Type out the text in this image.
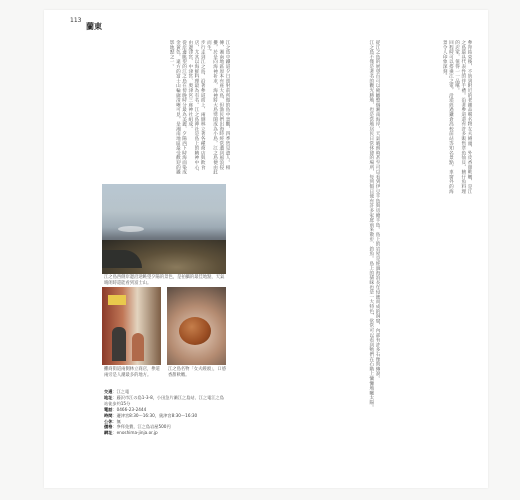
113
蘭東

江之島中鐵道夕日照射前所做的島中景觀，四季皆見遊人。相傳，湘南地區原本有座大島，但漁民們出海時經常遭到風浪侵擾，於是向海神祈求，海神將大島劈開成為小島，江之島便由此而生。

步行走到江之島，沿著參道而上，兩側林立著各種商店與飲食店，尤其以海鮮料理最為有名。江之島神社是島上的精神中心，由邊津宮、中津宮、奧津宮三座神社組成。

從岸邊眺望的江之島在傍晚時分最為美麗，夕陽西下時海面染成金黃色，遠方的富士山輪廓清晰可見，是湘南地區最受歡迎的攝影地點之一。	從江之島的展望台可以俯瞰整個湘南海岸，天氣晴朗時甚至可以看到伊豆半島與房總半島。島上的岩屋是經過海浪長年侵蝕而成的洞窟，內部有許多石像與傳說。

江之島不僅是著名的觀光勝地，也是當地居民日常休憩的場所，每到假日便有許多家庭前來散步、釣魚。島上的貓咪也是一大特色，常常可以看到牠們在石階上慵懶地曬太陽。	參拜結束後，不妨到附近的老鋪品嚐名物女夫饅頭，外皮香甜軟嫩，是江之島最具代表性的伴手禮。沿著參道還有許多販售章魚仙貝、魩仔魚料理的店家，值得一一品嚐。

回程時可以搭乘江之電，沿途經過鎌倉高校前站等知名景點，車窗外的海景令人印象深刻。

江之島西側岸邊沿途眺望夕陽的景色，是拍攝的最佳地點，天氣晴朗時還能看到富士山。
攤商街道兩側林立商店，參道兩旁是人潮最多的地方。
江之島名物「女夫饅頭」，口感香甜軟嫩。
交通：江之電
地址：藤沢市江の島1-3-8，小田急片瀨江之島站、江之電江之島站徒步約15分
電話：0466-23-2444
時間：邊津宮8:30～16:30，奧津宮8:30～16:30
公休：無
價格：參拜免費，江之島岩屋500円
網址：enoshima-jinja.or.jp
